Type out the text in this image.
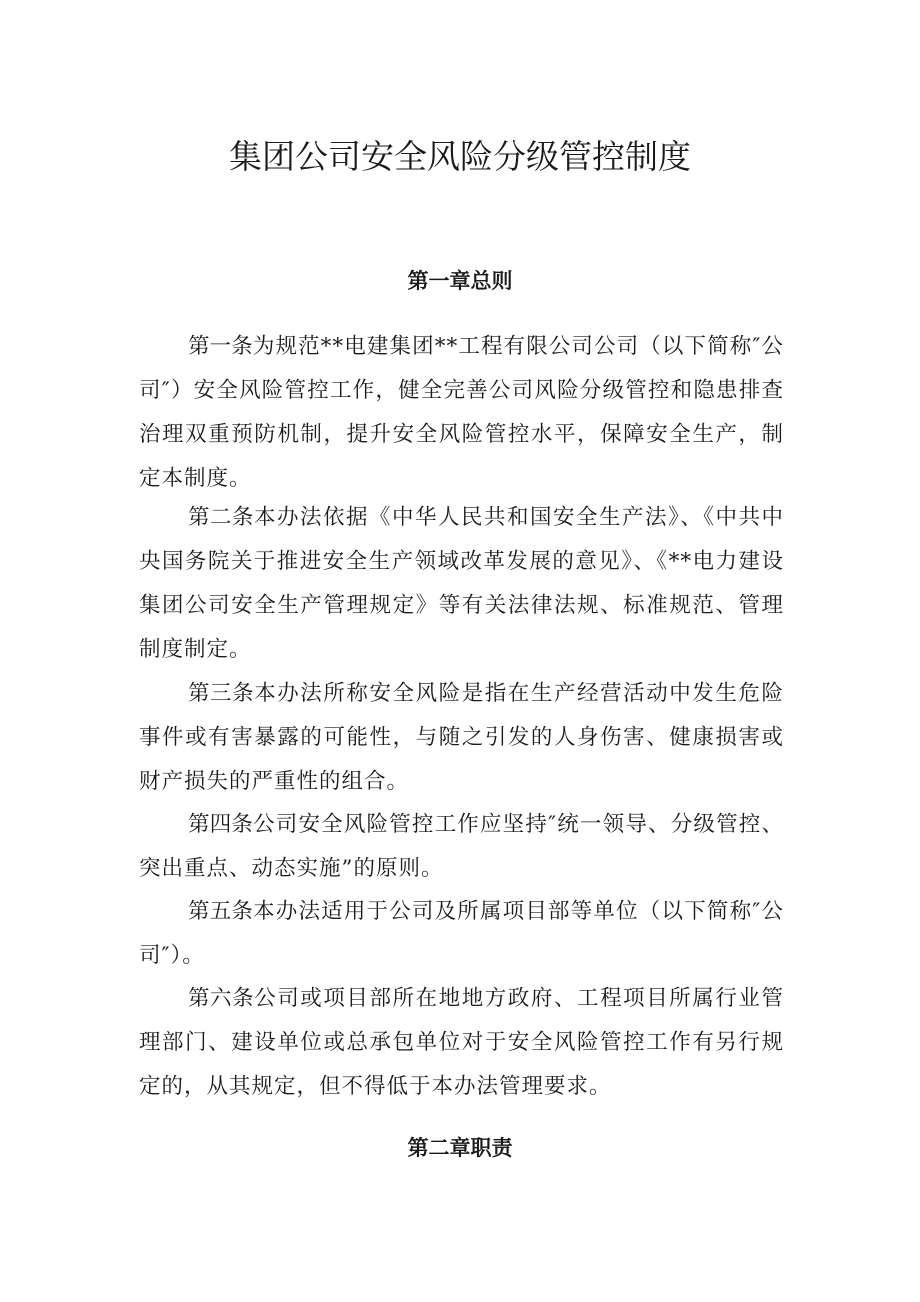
集团公司安全风险分级管控制度
第一章总则

第一条为规范**电建集团**工程有限公司公司（以下简称″公司″）安全风险管控工作，健全完善公司风险分级管控和隐患排查治理双重预防机制，提升安全风险管控水平，保障安全生产，制定本制度。

第二条本办法依据《中华人民共和国安全生产法》、《中共中央国务院关于推进安全生产领域改革发展的意见》、《**电力建设集团公司安全生产管理规定》等有关法律法规、标准规范、管理制度制定。

第三条本办法所称安全风险是指在生产经营活动中发生危险事件或有害暴露的可能性，与随之引发的人身伤害、健康损害或财产损失的严重性的组合。

第四条公司安全风险管控工作应坚持″统一领导、分级管控、突出重点、动态实施”的原则。

第五条本办法适用于公司及所属项目部等单位（以下简称″公司″）。

第六条公司或项目部所在地地方政府、工程项目所属行业管理部门、建设单位或总承包单位对于安全风险管控工作有另行规定的，从其规定，但不得低于本办法管理要求。

第二章职责
